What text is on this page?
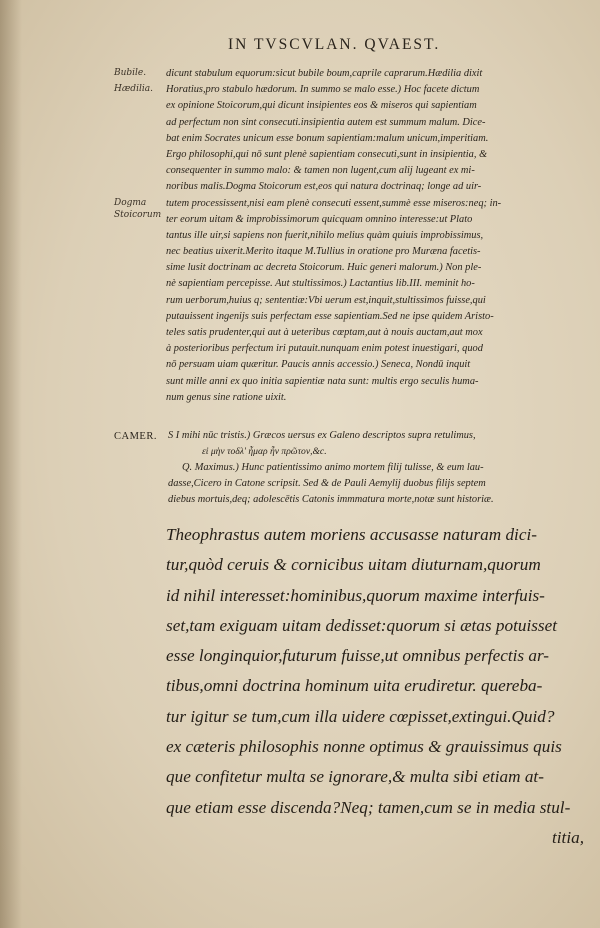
IN TVSCVLAN. QVAEST.
Bubile.
Hædilia.
Dogma
Stoicorum
dicunt stabulum equorum:sicut bubile boum,caprile caprarum.Hædilia dixit
Horatius,pro stabulo hædorum. In summo se malo esse.) Hoc facete dictum
ex opinione Stoicorum,qui dicunt insipientes eos & miseros qui sapientiam
ad perfectum non sint consecuti.insipientia autem est summum malum. Dice-
bat enim Socrates unicum esse bonum sapientiam:malum unicum,imperitiam.
Ergo philosophi,qui nō sunt plenè sapientiam consecuti,sunt in insipientia, &
consequenter in summo malo: & tamen non lugent,cum alij lugeant ex mi-
noribus malis.Dogma Stoicorum est,eos qui natura doctrinaq; longe ad uir-
tutem processissent,nisi eam plenè consecuti essent,summè esse miseros:neq; in-
ter eorum uitam & improbissimorum quicquam omnino interesse:ut Plato
tantus ille uir,si sapiens non fuerit,nihilo melius quàm quiuis improbissimus,
nec beatius uixerit.Merito itaque M.Tullius in oratione pro Muræna facetis-
sime lusit doctrinam ac decreta Stoicorum. Huic generi malorum.) Non ple-
nè sapientiam percepisse. Aut stultissimos.) Lactantius lib.III. meminit ho-
rum uerborum,huius q; sententiæ:Vbi uerum est,inquit,stultissimos fuisse,qui
putauissent ingenijs suis perfectam esse sapientiam.Sed ne ipse quidem Aristo-
teles satis prudenter,qui aut à ueteribus cœptam,aut à nouis auctam,aut mox
à posterioribus perfectum iri putauit.nunquam enim potest inuestigari, quod
nō persuam uiam quæritur. Paucis annis accessio.) Seneca, Nondū inquit
sunt mille anni ex quo initia sapientiæ nata sunt: multis ergo seculis huma-
num genus sine ratione uixit.
CAMER. S I mihi nūc tristis.) Græcos uersus ex Galeno descriptos supra retulimus,
εἰ μὴν τοδλ' ἦμαρ ἦν πρῶτον,&c.
Q. Maximus.) Hunc patientissimo animo mortem filij tulisse, & eum lau-
dasse,Cicero in Catone scripsit. Sed & de Pauli Aemylij duobus filijs septem
diebus mortuis,deq; adolescētis Catonis immmatura morte,notæ sunt historiæ.
Theophrastus autem moriens accusasse naturam dici-
tur,quòd ceruis & cornicibus uitam diuturnam,quorum
id nihil interesset:hominibus,quorum maxime interfuis-
set,tam exiguam uitam dedisset:quorum si ætas potuisset
esse longinquior,futurum fuisse,ut omnibus perfectis ar-
tibus,omni doctrina hominum uita erudiretur. quereba-
tur igitur se tum,cum illa uidere cœpisset,extingui.Quid?
ex cæteris philosophis nonne optimus & grauissimus quis
que confitetur multa se ignorare,& multa sibi etiam at-
que etiam esse discenda?Neq; tamen,cum se in media stul-
titia,
